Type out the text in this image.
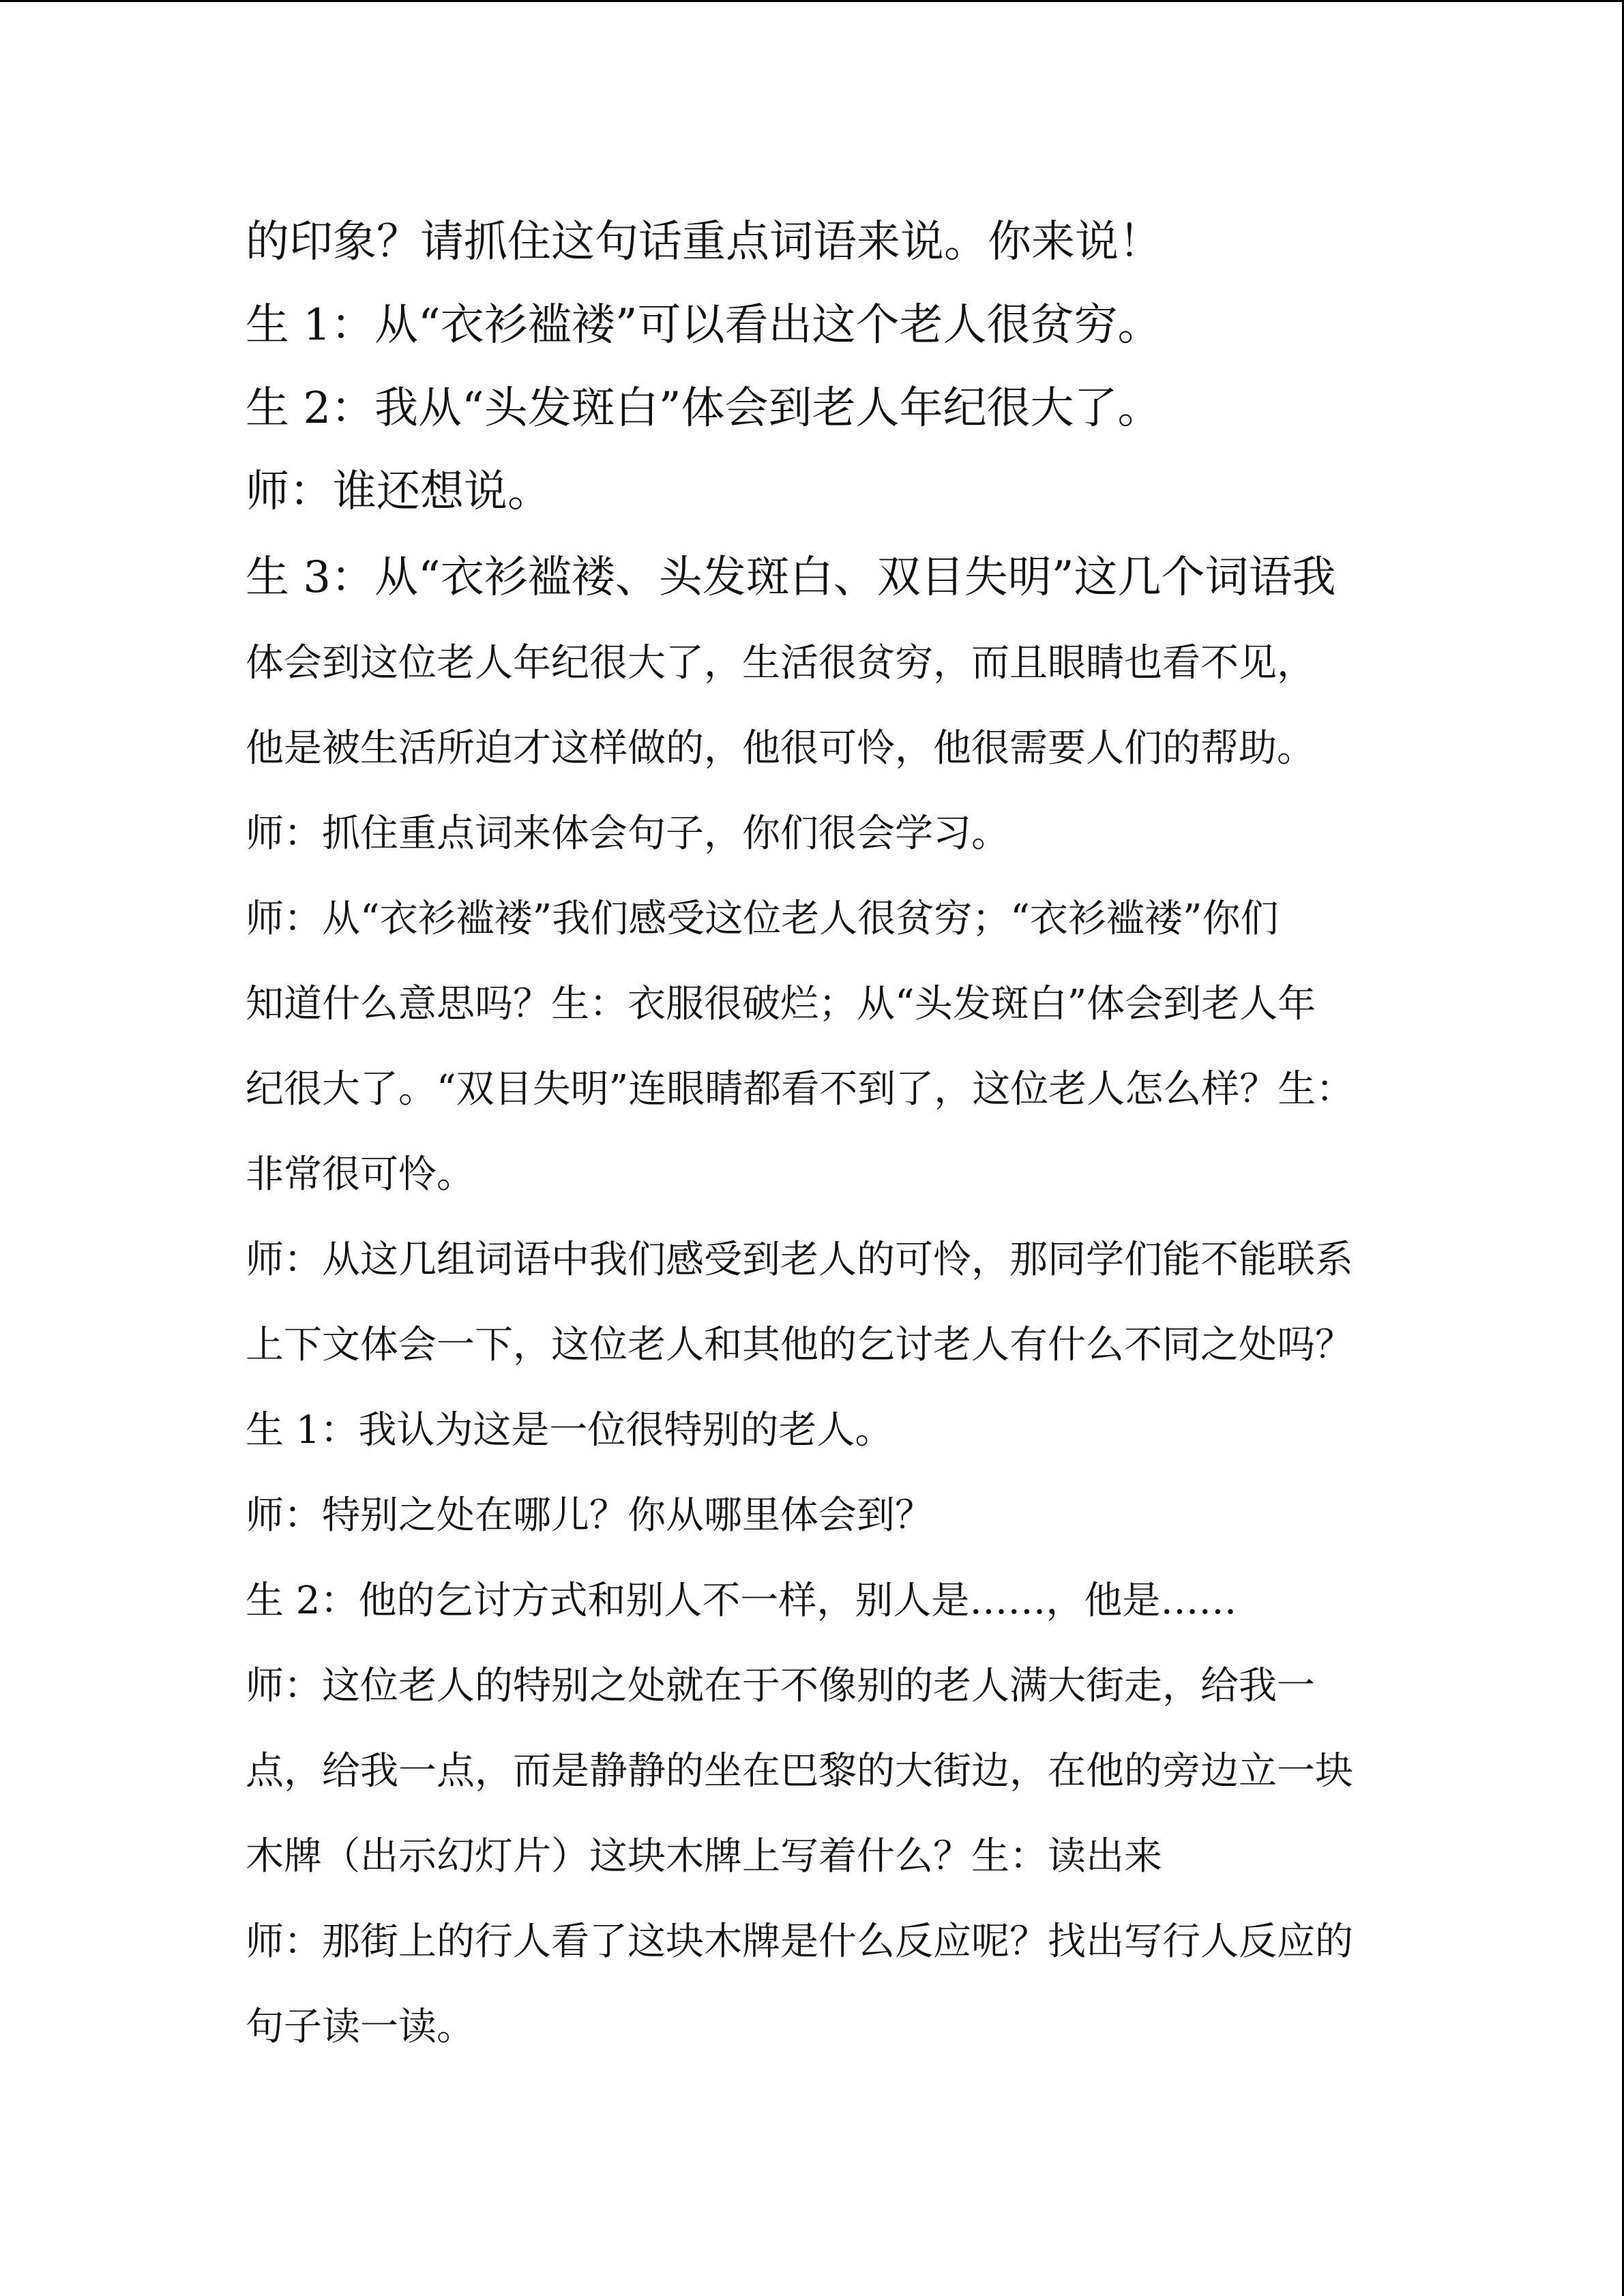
的印象？请抓住这句话重点词语来说。你来说！
生 1：从“衣衫褴褛”可以看出这个老人很贫穷。
生 2：我从“头发斑白”体会到老人年纪很大了。
师：谁还想说。
生 3：从“衣衫褴褛、头发斑白、双目失明”这几个词语我
体会到这位老人年纪很大了，生活很贫穷，而且眼睛也看不见，
他是被生活所迫才这样做的，他很可怜，他很需要人们的帮助。
师：抓住重点词来体会句子，你们很会学习。
师：从“衣衫褴褛”我们感受这位老人很贫穷；“衣衫褴褛”你们
知道什么意思吗？生：衣服很破烂；从“头发斑白”体会到老人年
纪很大了。“双目失明”连眼睛都看不到了，这位老人怎么样？生：
非常很可怜。
师：从这几组词语中我们感受到老人的可怜，那同学们能不能联系
上下文体会一下，这位老人和其他的乞讨老人有什么不同之处吗？
生 1：我认为这是一位很特别的老人。
师：特别之处在哪儿？你从哪里体会到？
生 2：他的乞讨方式和别人不一样，别人是……，他是……
师：这位老人的特别之处就在于不像别的老人满大街走，给我一
点，给我一点，而是静静的坐在巴黎的大街边，在他的旁边立一块
木牌（出示幻灯片）这块木牌上写着什么？生：读出来
师：那街上的行人看了这块木牌是什么反应呢？找出写行人反应的
句子读一读。
